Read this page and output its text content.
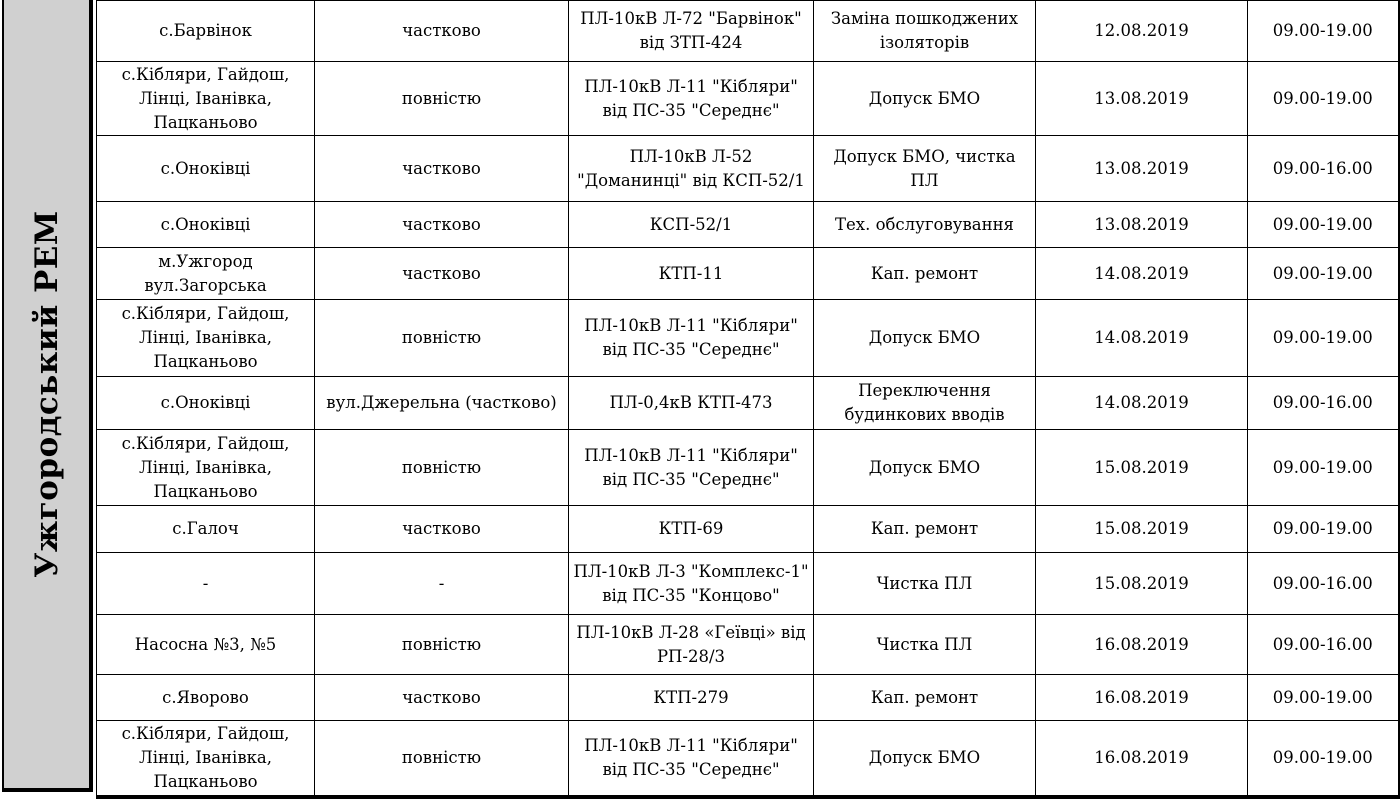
Ужгородський РЕМ
с.Барвінок	частково	ПЛ-10кВ Л-72 "Барвінок" від ЗТП-424	Заміна пошкоджених ізоляторів	12.08.2019	09.00-19.00
с.Кібляри, Гайдош, Лінці, Іванівка, Пацканьово	повністю	ПЛ-10кВ Л-11 "Кібляри" від ПС-35 "Середнє"	Допуск БМО	13.08.2019	09.00-19.00
с.Оноківці	частково	ПЛ-10кВ Л-52 "Доманинці" від КСП-52/1	Допуск БМО, чистка ПЛ	13.08.2019	09.00-16.00
с.Оноківці	частково	КСП-52/1	Тех. обслуговування	13.08.2019	09.00-19.00
м.Ужгород вул.Загорська	частково	КТП-11	Кап. ремонт	14.08.2019	09.00-19.00
с.Кібляри, Гайдош, Лінці, Іванівка, Пацканьово	повністю	ПЛ-10кВ Л-11 "Кібляри" від ПС-35 "Середнє"	Допуск БМО	14.08.2019	09.00-19.00
с.Оноківці	вул.Джерельна (частково)	ПЛ-0,4кВ КТП-473	Переключення будинкових вводів	14.08.2019	09.00-16.00
с.Кібляри, Гайдош, Лінці, Іванівка, Пацканьово	повністю	ПЛ-10кВ Л-11 "Кібляри" від ПС-35 "Середнє"	Допуск БМО	15.08.2019	09.00-19.00
с.Галоч	частково	КТП-69	Кап. ремонт	15.08.2019	09.00-19.00
-	-	ПЛ-10кВ Л-3 "Комплекс-1" від ПС-35 "Концово"	Чистка ПЛ	15.08.2019	09.00-16.00
Насосна №3, №5	повністю	ПЛ-10кВ Л-28 «Геївці» від РП-28/3	Чистка ПЛ	16.08.2019	09.00-16.00
с.Яворово	частково	КТП-279	Кап. ремонт	16.08.2019	09.00-19.00
с.Кібляри, Гайдош, Лінці, Іванівка, Пацканьово	повністю	ПЛ-10кВ Л-11 "Кібляри" від ПС-35 "Середнє"	Допуск БМО	16.08.2019	09.00-19.00
